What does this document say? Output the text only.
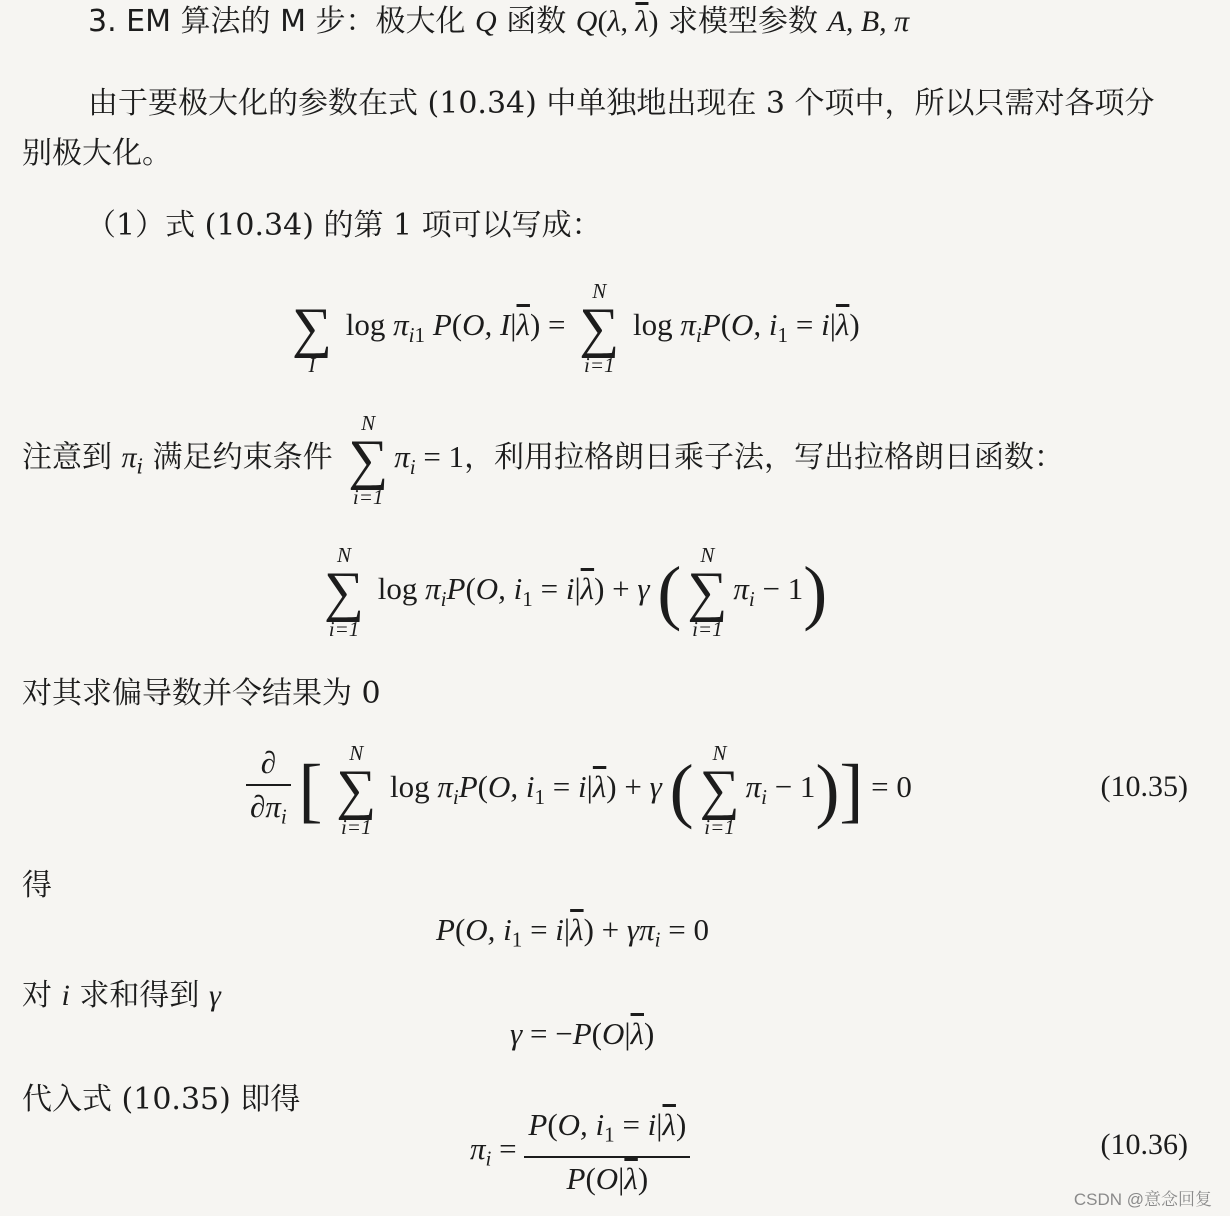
3. EM 算法的 M 步：极大化 Q 函数 Q(λ, $\overline{\lambda}$) 求模型参数 A, B, π
由于要极大化的参数在式 (10.34) 中单独地出现在 3 个项中，所以只需对各项分
别极大化。
（1）式 (10.34) 的第 1 项可以写成：

∑
I
$\log \pi_{i1}$ P(O, $I|\overline{\lambda}$) =
N
∑
i=1
$\log \pi_iP(O$, $i_1 = i|\overline{\lambda}$)
注意到 $\pi_i$ 满足约束条件
N
∑
i=1
$\pi_i = 1$，利用拉格朗日乘子法，写出拉格朗日函数：
N
∑
i=1
$\log \pi_iP(O$, $i_1 = i|\overline{\lambda}) + \gamma$ ( N
∑
i=1
$\pi_i - 1$)
对其求偏导数并令结果为 0
$\frac{\partial}{\partial\pi_i}$ [	N
∑
i=1
$\log \pi_iP(O$, $i_1 = i|\overline{\lambda}) + \gamma$ ( N
∑
i=1
$\pi_i - 1)] = 0$	(10.35)
得
P(O, $i_1 = i|\overline{\lambda}) + \gamma\pi_i = 0$
对 i 求和得到 γ
$\gamma = -P(O|\overline{\lambda})$
代入式 (10.35) 即得
$\pi_i = \frac{P(O, i_1 = i|\overline{\lambda})}{P(O|\overline{\lambda})}$	(10.36)
CSDN @意念回复
